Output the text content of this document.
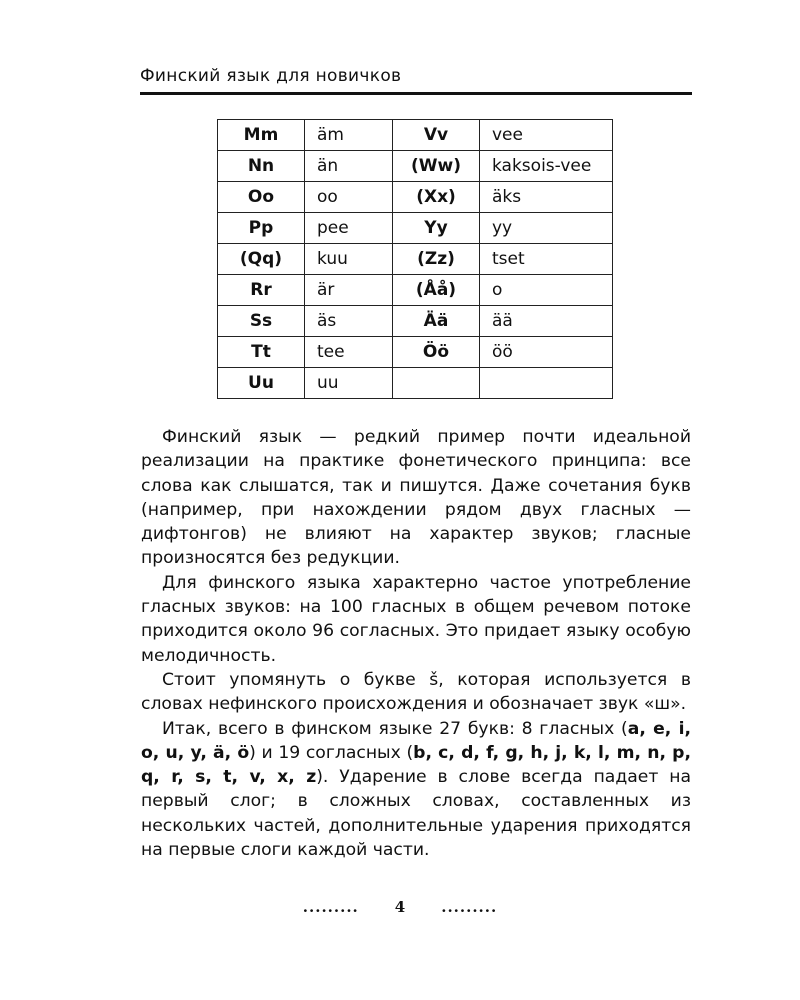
Финский язык для новичков
Mm	äm	Vv	vee
Nn	än	(Ww)	kaksois-vee
Oo	oo	(Xx)	äks
Pp	pee	Yy	yy
(Qq)	kuu	(Zz)	tset
Rr	är	(Åå)	o
Ss	äs	Ää	ää
Tt	tee	Öö	öö
Uu	uu		

Финский язык — редкий пример почти идеальной реализации на практике фонетического принципа: все слова как слышатся, так и пишутся. Даже сочетания букв (например, при нахождении рядом двух гласных — дифтонгов) не влияют на характер звуков; гласные произносятся без редукции.

Для финского языка характерно частое употребление гласных звуков: на 100 гласных в общем речевом потоке приходится около 96 согласных. Это придает языку особую мелодичность.

Стоит упомянуть о букве š, которая используется в словах нефинского происхождения и обозначает звук «ш».

Итак, всего в финском языке 27 букв: 8 гласных (a, e, i, o, u, y, ä, ö) и 19 согласных (b, c, d, f, g, h, j, k, l, m, n, p, q, r, s, t, v, x, z). Ударение в слове всегда падает на первый слог; в сложных словах, составленных из нескольких частей, дополнительные ударения приходятся на первые слоги каждой части.

......... 4 .........
